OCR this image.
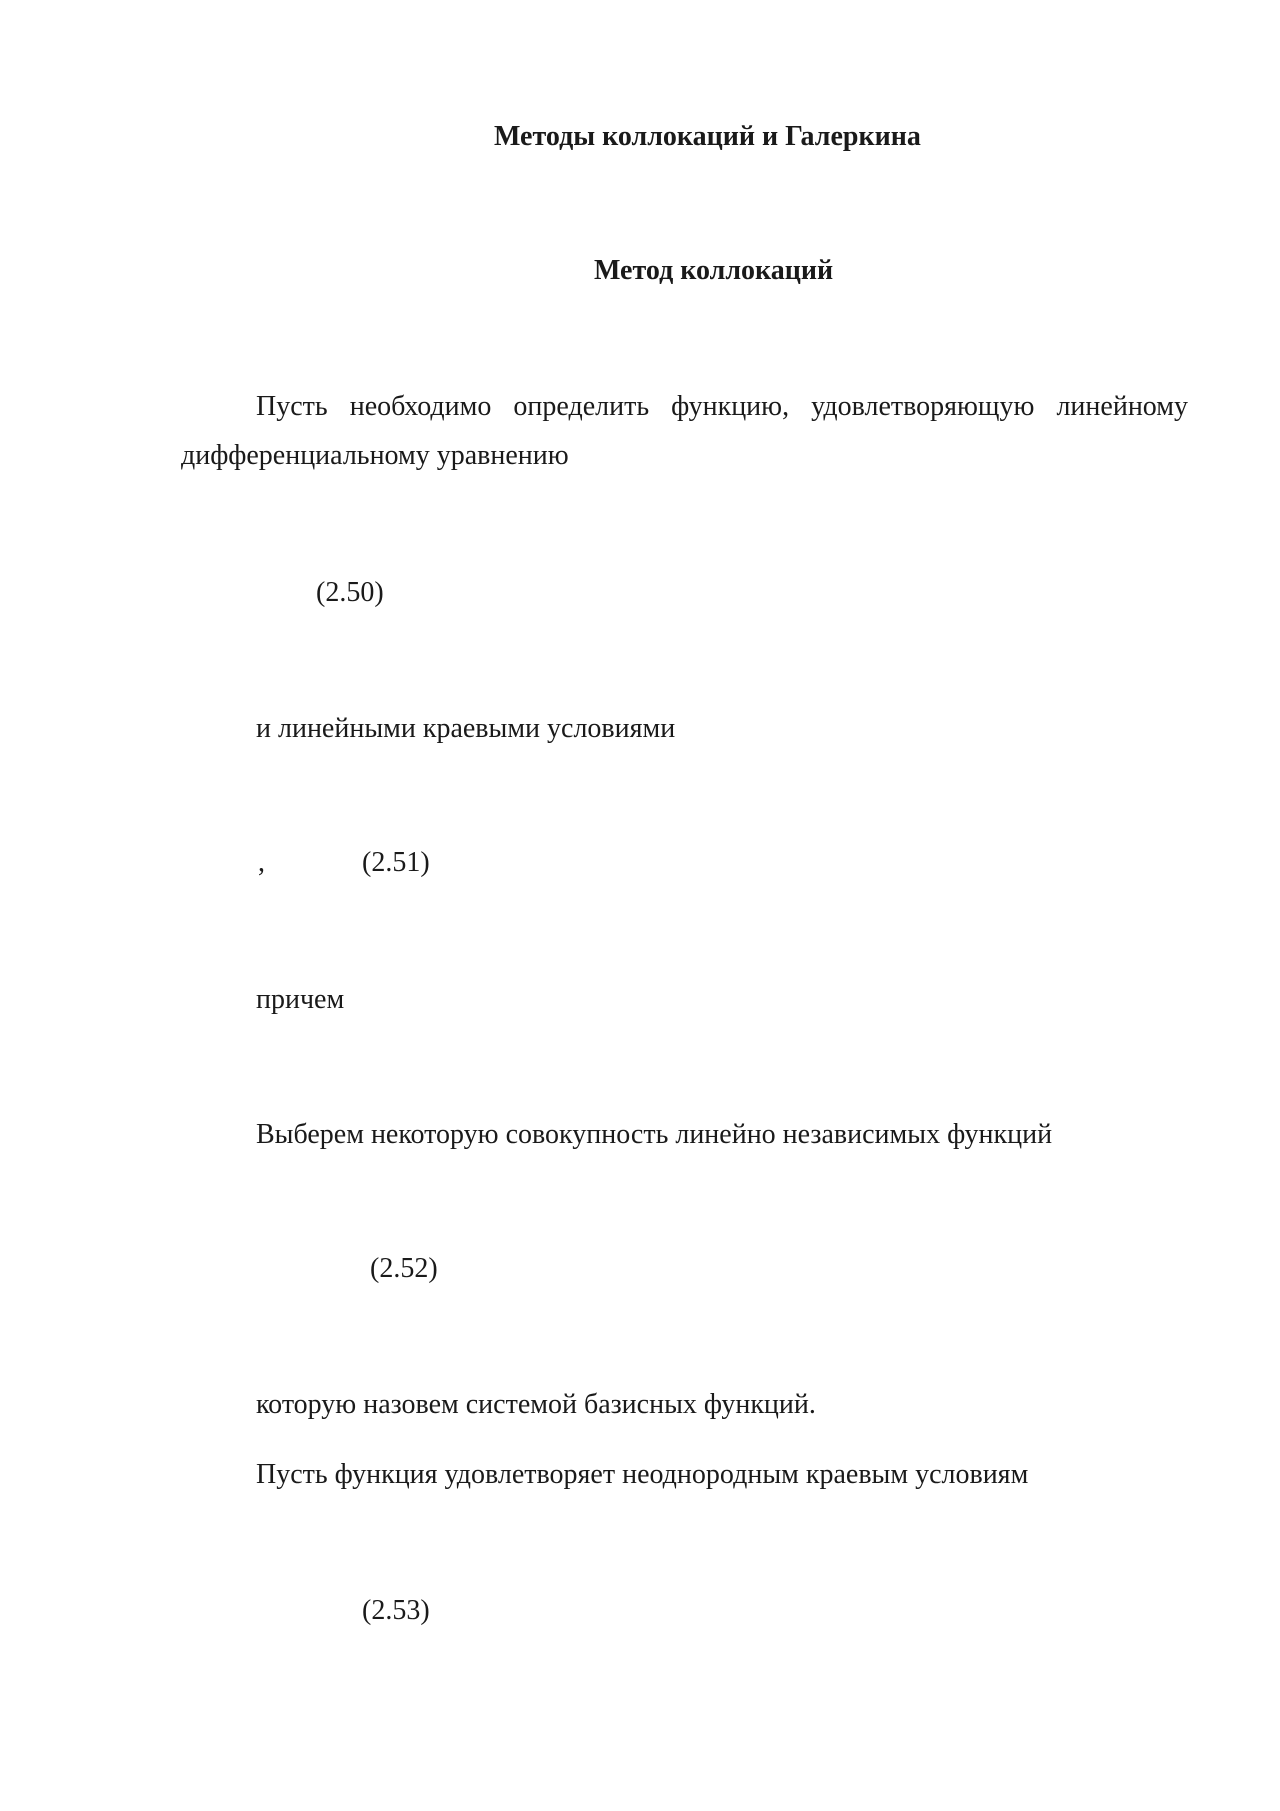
Методы коллокаций и Галеркина
Метод коллокаций
Пусть необходимо определить функцию, удовлетворяющую линейному
дифференциальному уравнению
(2.50)
и линейными краевыми условиями
,	(2.51)
причем
Выберем некоторую совокупность линейно независимых функций
(2.52)
которую назовем системой базисных функций.
Пусть функция удовлетворяет неоднородным краевым условиям
(2.53)
